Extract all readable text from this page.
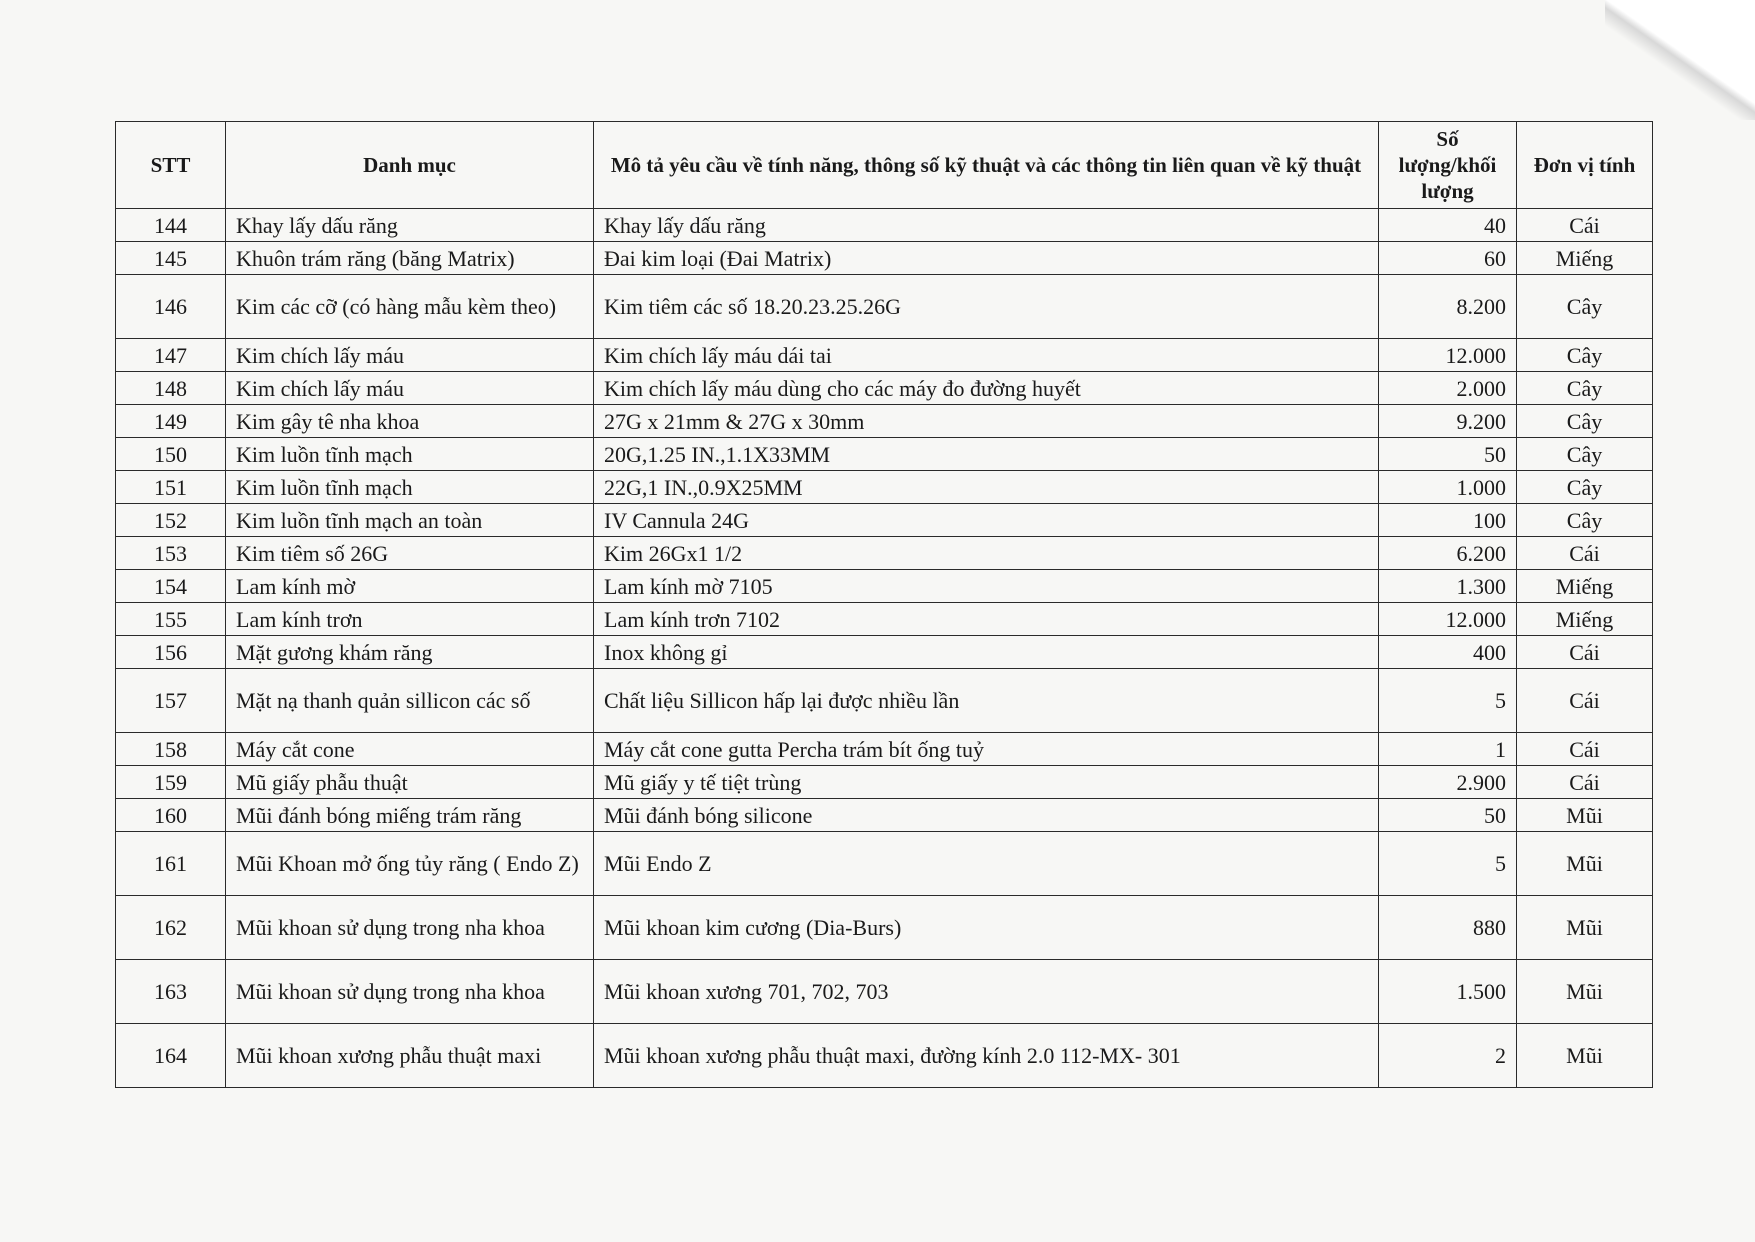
STT	Danh mục	Mô tả yêu cầu về tính năng, thông số kỹ thuật và các thông tin liên quan về kỹ thuật	Số lượng/khối lượng	Đơn vị tính
144	Khay lấy dấu răng	Khay lấy dấu răng	40	Cái
145	Khuôn trám răng (băng Matrix)	Đai kim loại (Đai Matrix)	60	Miếng
146	Kim các cỡ (có hàng mẫu kèm theo)	Kim tiêm các số 18.20.23.25.26G	8.200	Cây
147	Kim chích lấy máu	Kim chích lấy máu dái tai	12.000	Cây
148	Kim chích lấy máu	Kim chích lấy máu dùng cho các máy đo đường huyết	2.000	Cây
149	Kim gây tê nha khoa	27G x 21mm & 27G x 30mm	9.200	Cây
150	Kim luồn tĩnh mạch	20G,1.25 IN.,1.1X33MM	50	Cây
151	Kim luồn tĩnh mạch	22G,1 IN.,0.9X25MM	1.000	Cây
152	Kim luồn tĩnh mạch an toàn	IV Cannula 24G	100	Cây
153	Kim tiêm số 26G	Kim 26Gx1 1/2	6.200	Cái
154	Lam kính mờ	Lam kính mờ 7105	1.300	Miếng
155	Lam kính trơn	Lam kính trơn 7102	12.000	Miếng
156	Mặt gương khám răng	Inox không gỉ	400	Cái
157	Mặt nạ thanh quản sillicon các số	Chất liệu Sillicon hấp lại được nhiều lần	5	Cái
158	Máy cắt cone	Máy cắt cone gutta Percha trám bít ống tuỷ	1	Cái
159	Mũ giấy phẫu thuật	Mũ giấy y tế tiệt trùng	2.900	Cái
160	Mũi đánh bóng miếng trám răng	Mũi đánh bóng silicone	50	Mũi
161	Mũi Khoan mở ống tủy răng ( Endo Z)	Mũi Endo Z	5	Mũi
162	Mũi khoan sử dụng trong nha khoa	Mũi khoan kim cương (Dia-Burs)	880	Mũi
163	Mũi khoan sử dụng trong nha khoa	Mũi khoan xương 701, 702, 703	1.500	Mũi
164	Mũi khoan xương phẫu thuật maxi	Mũi khoan xương phẫu thuật maxi, đường kính 2.0 112-MX- 301	2	Mũi
